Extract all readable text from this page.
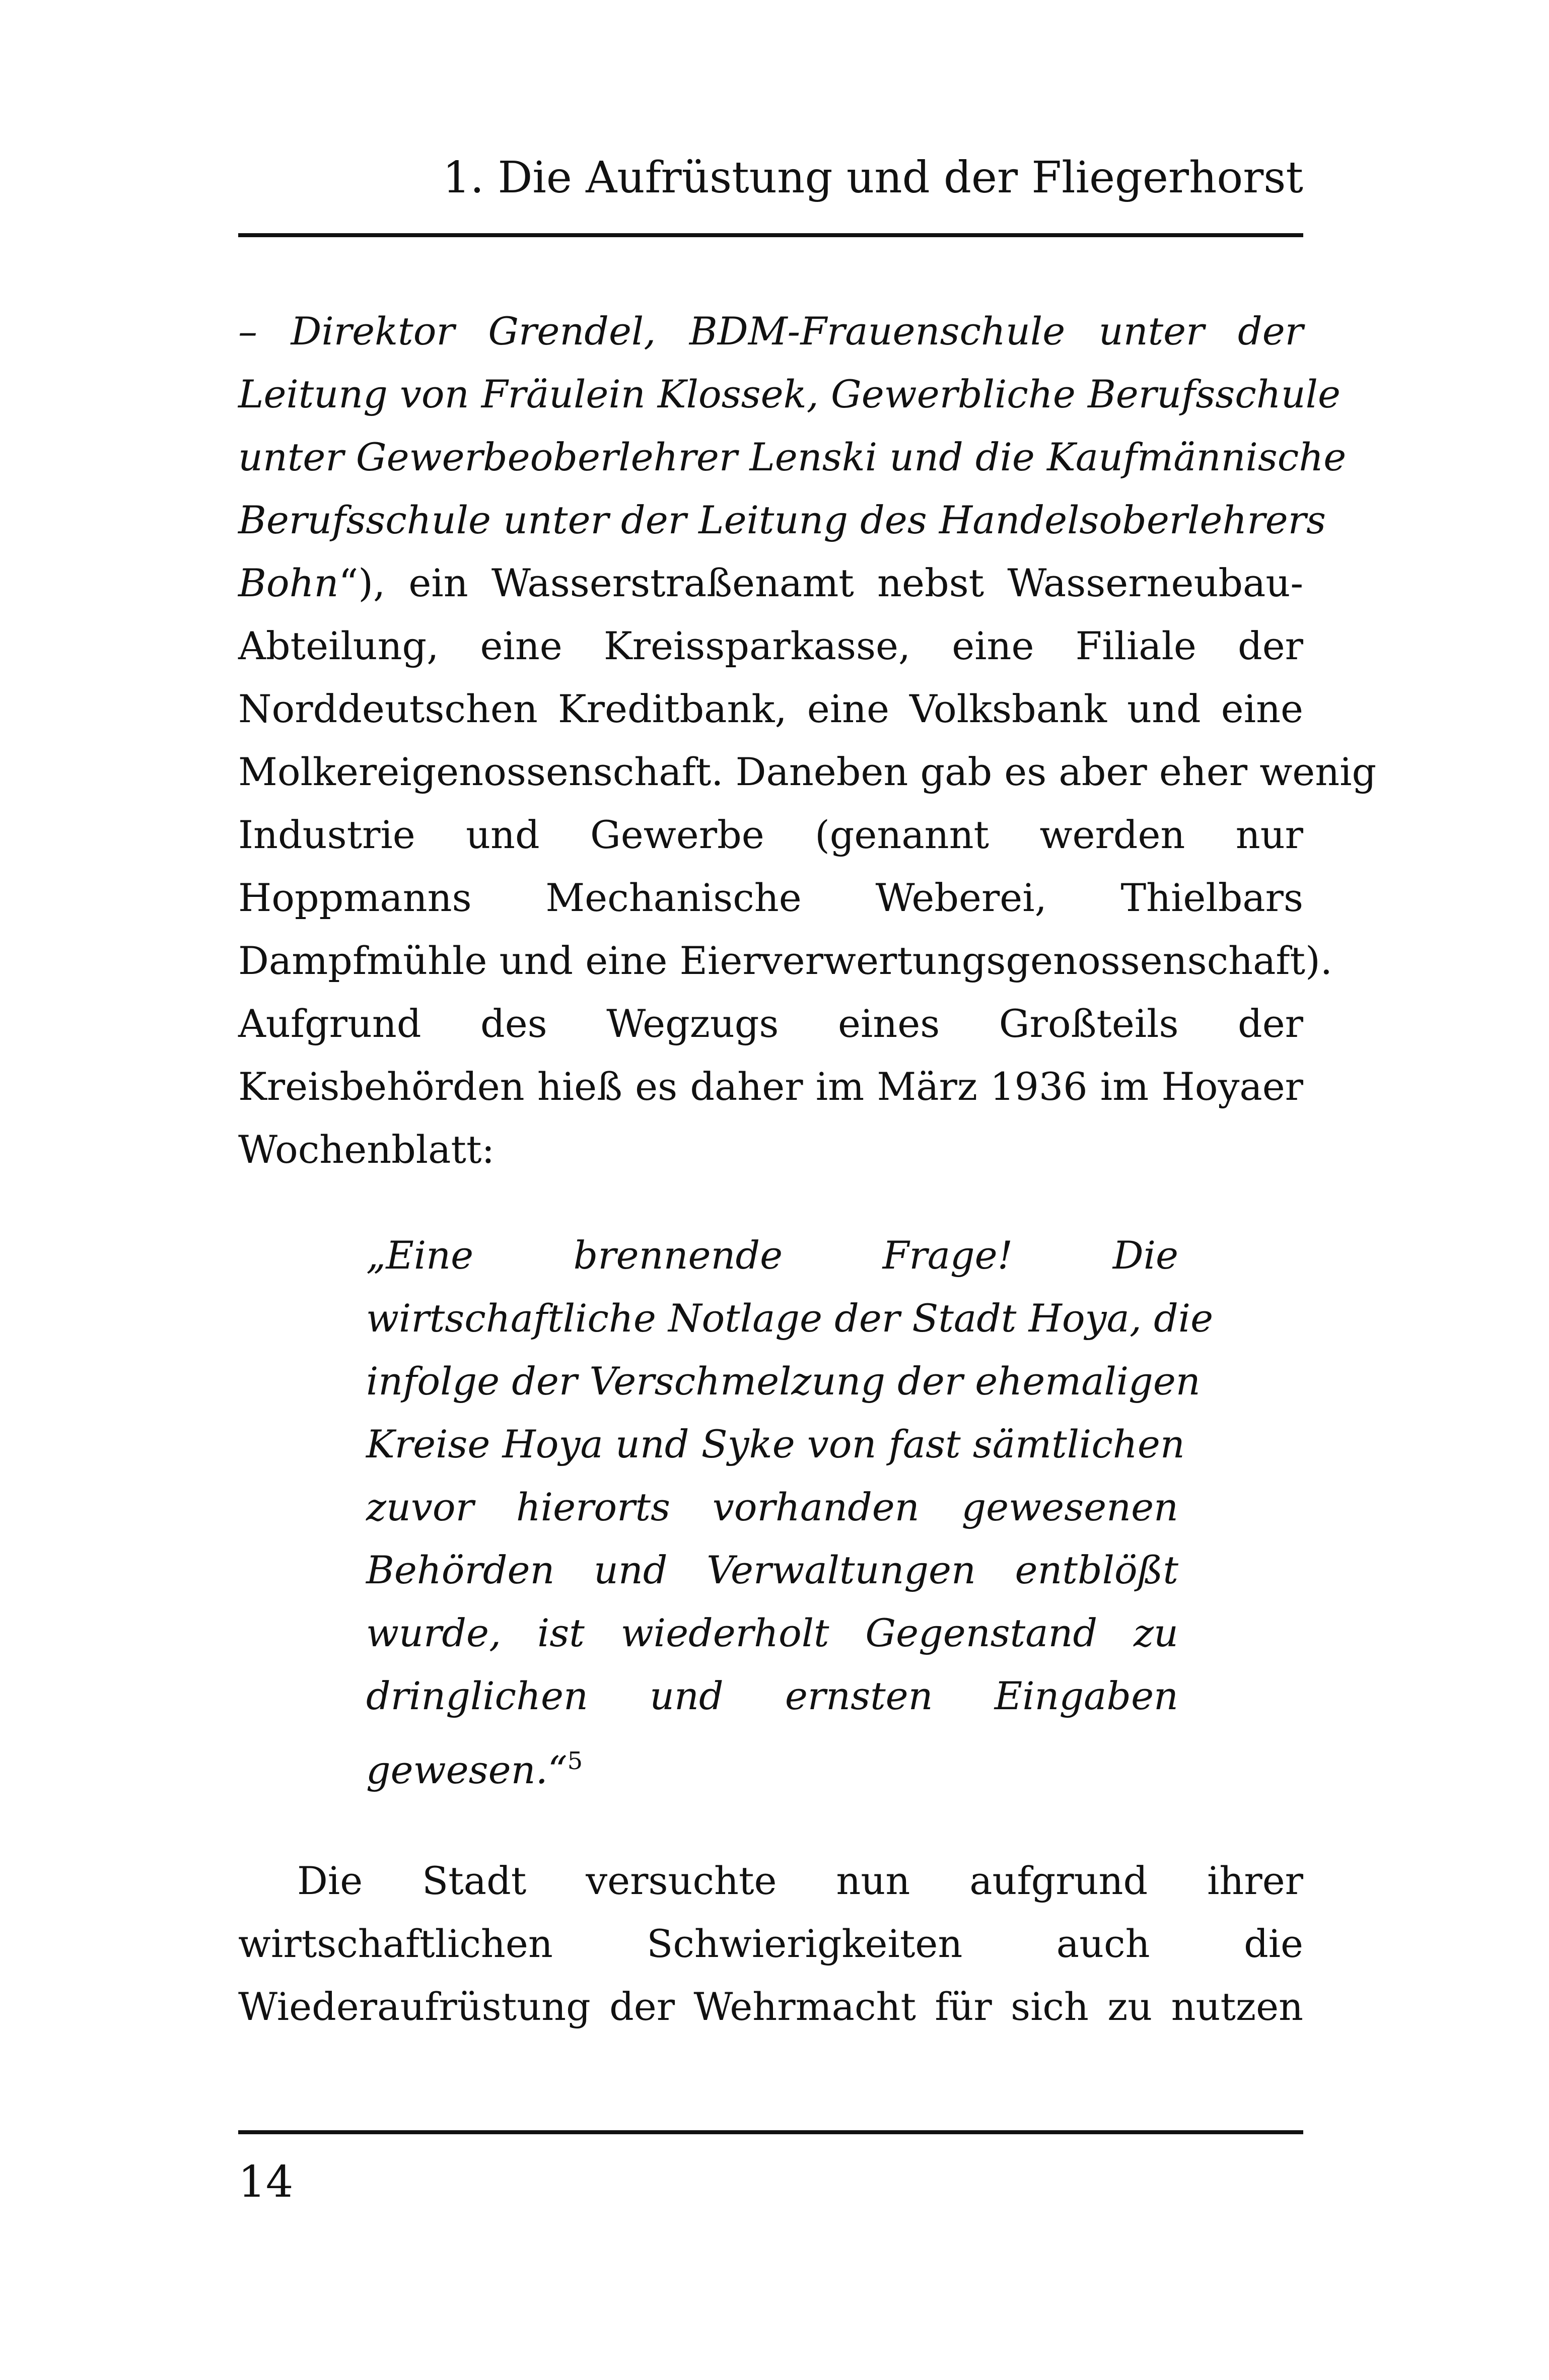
1. Die Aufrüstung und der Fliegerhorst
– Direktor Grendel, BDM-Frauenschule unter der
Leitung von Fräulein Klossek, Gewerbliche Berufsschule
unter Gewerbeoberlehrer Lenski und die Kaufmännische
Berufsschule unter der Leitung des Handelsoberlehrers
Bohn“), ein Wasserstraßenamt nebst Wasserneubau-
Abteilung, eine Kreissparkasse, eine Filiale der
Norddeutschen Kreditbank, eine Volksbank und eine
Molkereigenossenschaft. Daneben gab es aber eher wenig
Industrie und Gewerbe (genannt werden nur
Hoppmanns Mechanische Weberei, Thielbars
Dampfmühle und eine Eierverwertungsgenossenschaft).
Aufgrund des Wegzugs eines Großteils der
Kreisbehörden hieß es daher im März 1936 im Hoyaer
Wochenblatt:
„Eine brennende Frage! Die
wirtschaftliche Notlage der Stadt Hoya, die
infolge der Verschmelzung der ehemaligen
Kreise Hoya und Syke von fast sämtlichen
zuvor hierorts vorhanden gewesenen
Behörden und Verwaltungen entblößt
wurde, ist wiederholt Gegenstand zu
dringlichen und ernsten Eingaben
gewesen.“$^5$
Die Stadt versuchte nun aufgrund ihrer
wirtschaftlichen Schwierigkeiten auch die
Wiederaufrüstung der Wehrmacht für sich zu nutzen
14
